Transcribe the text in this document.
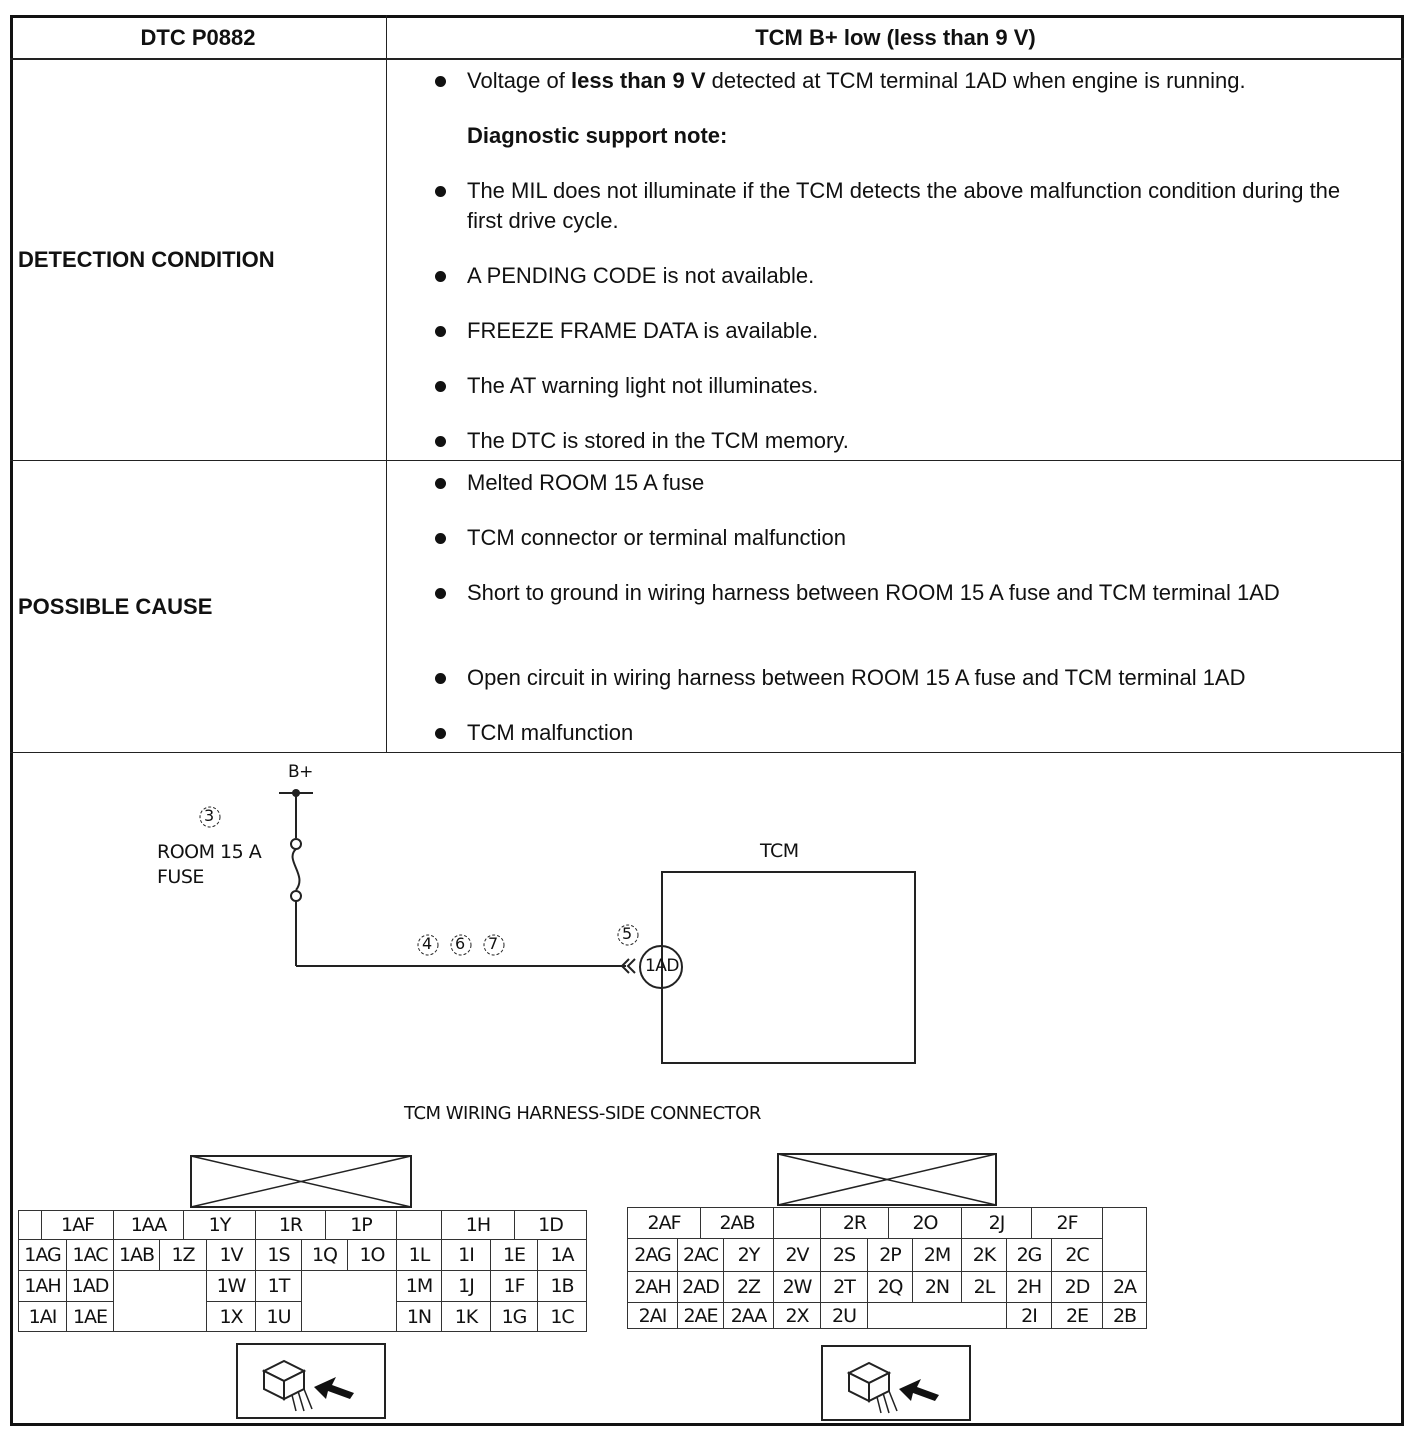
DTC P0882	TCM B+ low (less than 9 V)
DETECTION CONDITION
Voltage of less than 9 V detected at TCM terminal 1AD when engine is running.
Diagnostic support note:
The MIL does not illuminate if the TCM detects the above malfunction condition during the first drive cycle.
A PENDING CODE is not available.
FREEZE FRAME DATA is available.
The AT warning light not illuminates.
The DTC is stored in the TCM memory.
POSSIBLE CAUSE
Melted ROOM 15 A fuse
TCM connector or terminal malfunction
Short to ground in wiring harness between ROOM 15 A fuse and TCM terminal 1AD
Open circuit in wiring harness between ROOM 15 A fuse and TCM terminal 1AD
TCM malfunction
B+
3
ROOM 15 A
FUSE
4 6 7
5
1AD
TCM
TCM WIRING HARNESS-SIDE CONNECTOR
1AF	1AA	1Y	1R	1P	1H	1D
1AG 1AC 1AB 1Z	1V	1S	1Q	1O	1L	1I	1E	1A
1AH 1AD	1W	1T	1M	1J	1F	1B
1AI 1AE	1X	1U	1N	1K	1G	1C
2AF	2AB	2R	2O	2J	2F
2AG 2AC	2Y	2V	2S	2P	2M	2K	2G	2C
2AH 2AD 2Z	2W	2T	2Q	2N	2L	2H	2D	2A
2AI 2AE 2AA	2X	2U	2I	2E	2B
